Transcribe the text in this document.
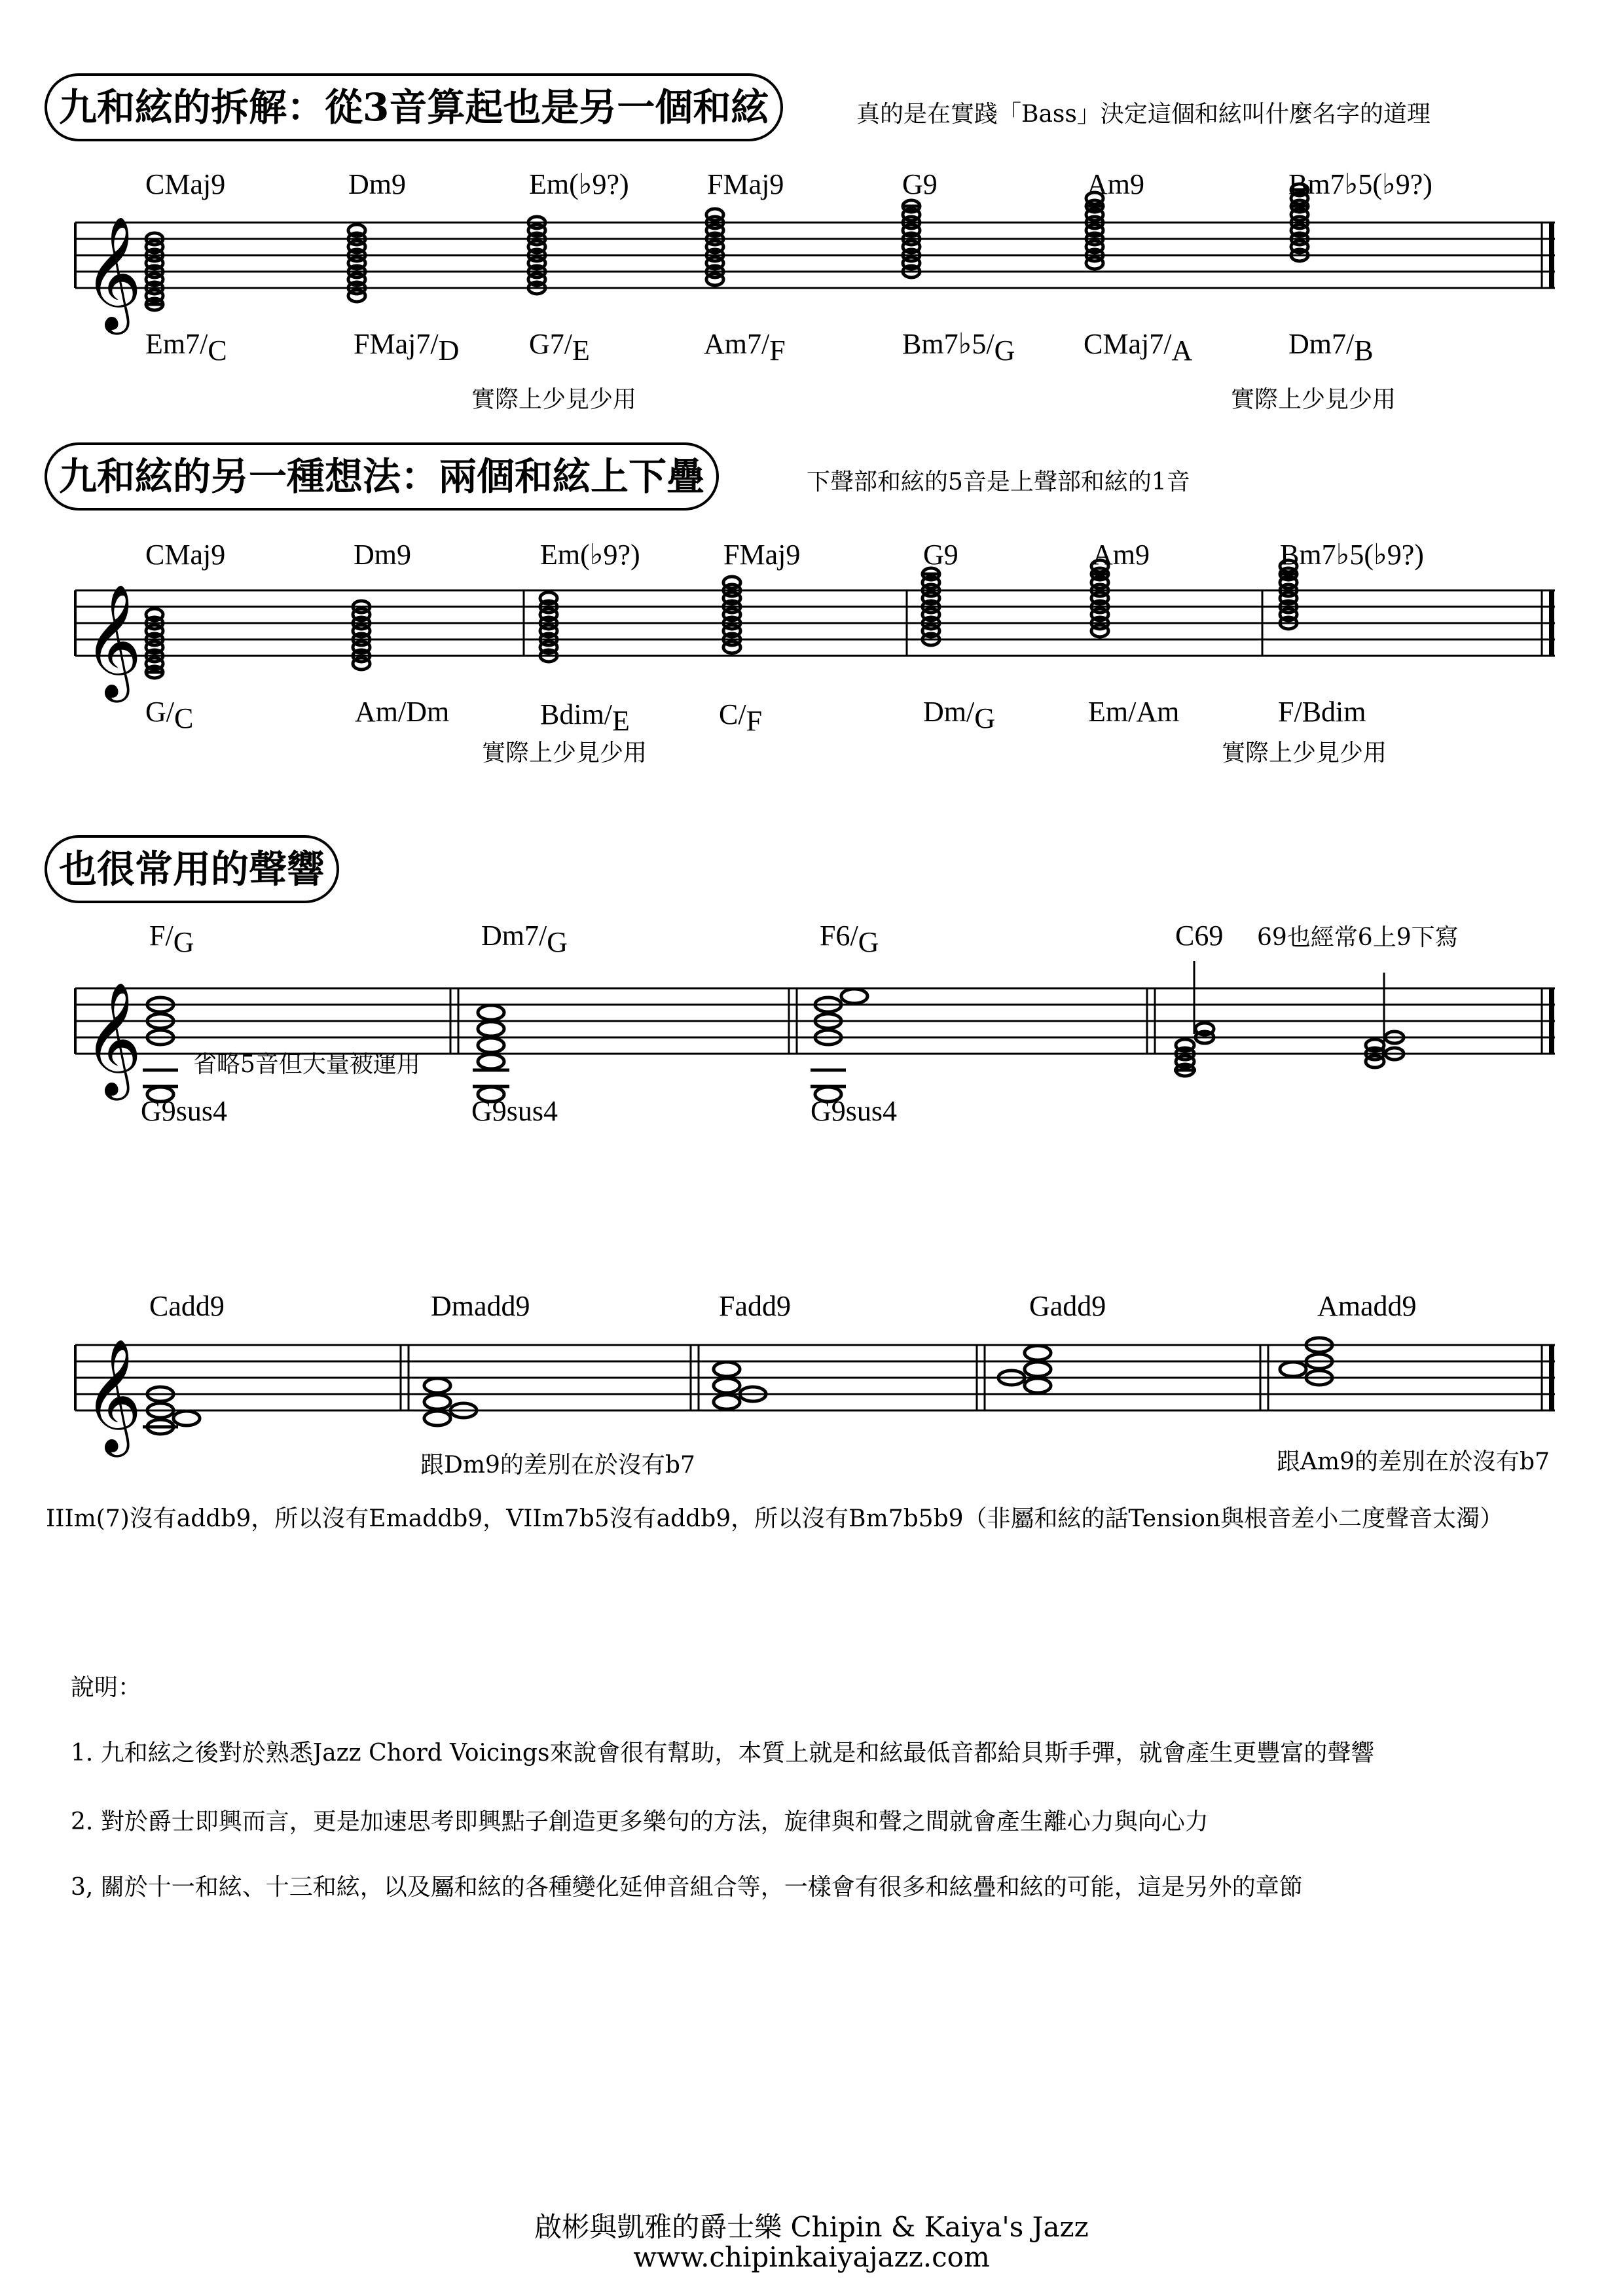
九和絃的拆解：從3音算起也是另一個和絃	真的是在實踐「Bass」決定這個和絃叫什麼名字的道理
CMaj9	Dm9	Em(♭9?)	FMaj9	G9	Am9	Bm7♭5(♭9?)
𝄞
Em7/C	FMaj7/D G7/E	Am7/F	Bm7♭5/G CMaj7/A	Dm7/B
實際上少見少用	實際上少見少用
九和絃的另一種想法：兩個和絃上下疊	下聲部和絃的5音是上聲部和絃的1音
CMaj9	Dm9	Em(♭9?)	FMaj9	G9	Am9	Bm7♭5(♭9?)
𝄞
G/C	Am/Dm	Bdim/E	C/F	Dm/G	Em/Am	F/Bdim
實際上少見少用	實際上少見少用
也很常用的聲響
F/G	Dm7/G	F6/G	C69 69也經常6上9下寫
𝄞 省略5音但大量被運用
G9sus4	G9sus4	G9sus4
Cadd9	Dmadd9	Fadd9	Gadd9	Amadd9
𝄞
跟Dm9的差別在於沒有b7	跟Am9的差別在於沒有b7
IIIm(7)沒有addb9，所以沒有Emaddb9，VIIm7b5沒有addb9，所以沒有Bm7b5b9（非屬和絃的話Tension與根音差小二度聲音太濁）
說明：
1. 九和絃之後對於熟悉Jazz Chord Voicings來說會很有幫助，本質上就是和絃最低音都給貝斯手彈，就會產生更豐富的聲響
2. 對於爵士即興而言，更是加速思考即興點子創造更多樂句的方法，旋律與和聲之間就會產生離心力與向心力
3, 關於十一和絃、十三和絃，以及屬和絃的各種變化延伸音組合等，一樣會有很多和絃疊和絃的可能，這是另外的章節
啟彬與凱雅的爵士樂 Chipin & Kaiya's Jazz
www.chipinkaiyajazz.com
